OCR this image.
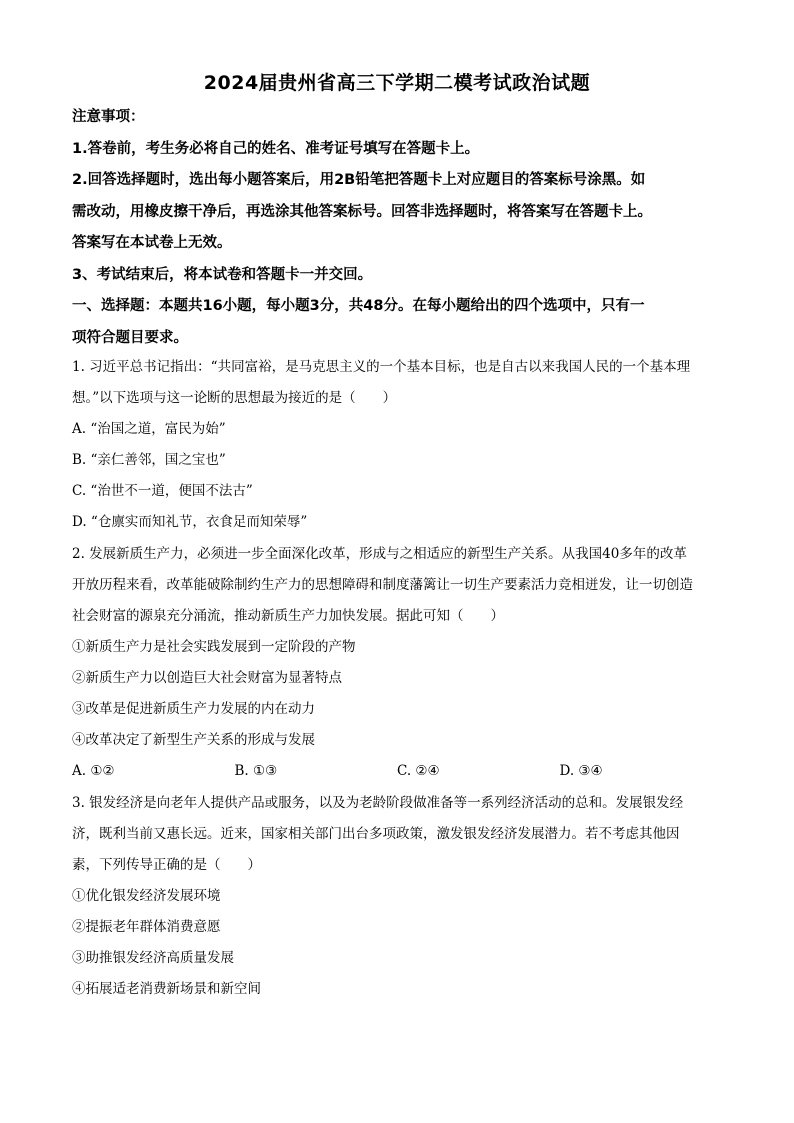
2024届贵州省高三下学期二模考试政治试题

注意事项：

1.答卷前，考生务必将自己的姓名、准考证号填写在答题卡上。

2.回答选择题时，选出每小题答案后，用2B铅笔把答题卡上对应题目的答案标号涂黑。如

需改动，用橡皮擦干净后，再选涂其他答案标号。回答非选择题时，将答案写在答题卡上。

答案写在本试卷上无效。

3、考试结束后，将本试卷和答题卡一并交回。

一、选择题：本题共16小题，每小题3分，共48分。在每小题给出的四个选项中，只有一

项符合题目要求。

1. 习近平总书记指出：“共同富裕，是马克思主义的一个基本目标，也是自古以来我国人民的一个基本理

想。”以下选项与这一论断的思想最为接近的是（　　）

A. “治国之道，富民为始”

B. “亲仁善邻，国之宝也”

C. “治世不一道，便国不法古”

D. “仓廪实而知礼节，衣食足而知荣辱”

2. 发展新质生产力，必须进一步全面深化改革，形成与之相适应的新型生产关系。从我国40多年的改革

开放历程来看，改革能破除制约生产力的思想障碍和制度藩篱让一切生产要素活力竞相迸发，让一切创造

社会财富的源泉充分涌流，推动新质生产力加快发展。据此可知（　　）

①新质生产力是社会实践发展到一定阶段的产物

②新质生产力以创造巨大社会财富为显著特点

③改革是促进新质生产力发展的内在动力

④改革决定了新型生产关系的形成与发展

A. ①②	B. ①③	C. ②④	D. ③④

3. 银发经济是向老年人提供产品或服务，以及为老龄阶段做准备等一系列经济活动的总和。发展银发经

济，既利当前又惠长远。近来，国家相关部门出台多项政策，激发银发经济发展潜力。若不考虑其他因

素，下列传导正确的是（　　）

①优化银发经济发展环境

②提振老年群体消费意愿

③助推银发经济高质量发展

④拓展适老消费新场景和新空间
